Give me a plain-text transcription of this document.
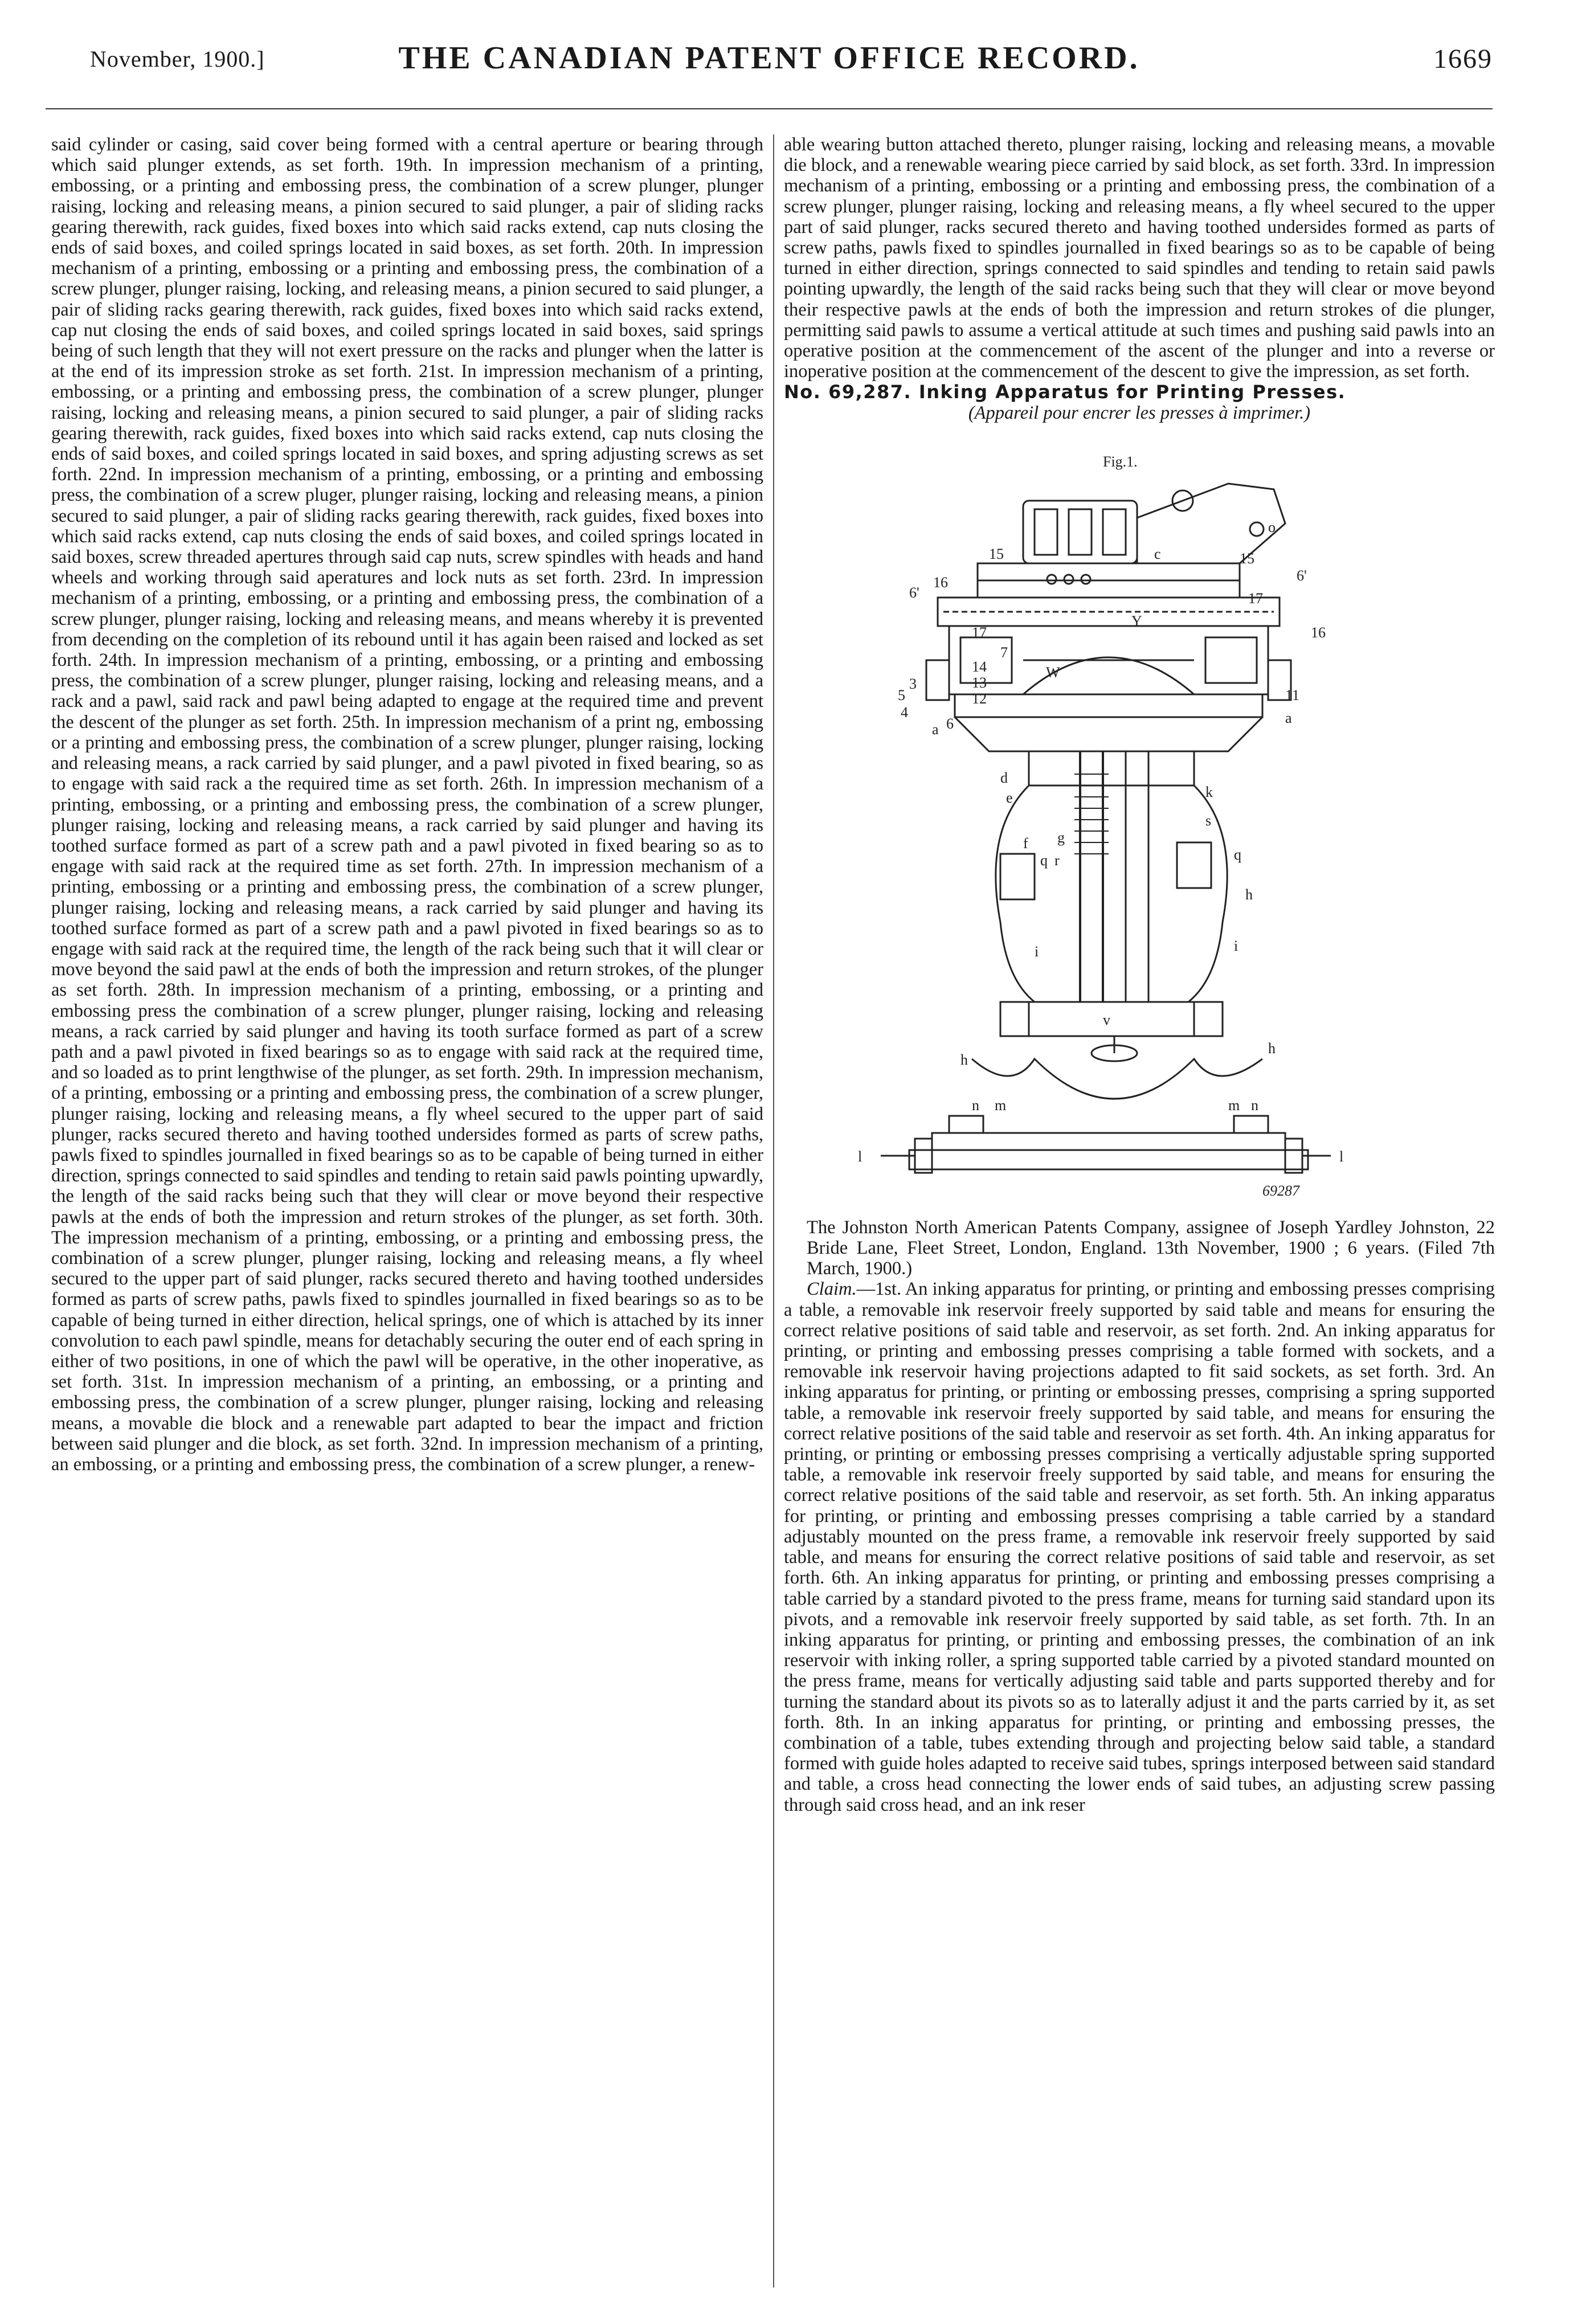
November, 1900.]	THE CANADIAN PATENT OFFICE RECORD.	1669

said cylinder or casing, said cover being formed with a central aperture or bearing through which said plunger extends, as set forth. 19th. In impression mechanism of a printing, embossing, or a printing and embossing press, the combination of a screw plunger, plunger raising, locking and releasing means, a pinion secured to said plunger, a pair of sliding racks gearing therewith, rack guides, fixed boxes into which said racks extend, cap nuts closing the ends of said boxes, and coiled springs located in said boxes, as set forth. 20th. In impression mechanism of a printing, embossing or a printing and embossing press, the combination of a screw plunger, plunger raising, locking, and releasing means, a pinion secured to said plunger, a pair of sliding racks gearing therewith, rack guides, fixed boxes into which said racks extend, cap nut closing the ends of said boxes, and coiled springs located in said boxes, said springs being of such length that they will not exert pressure on the racks and plunger when the latter is at the end of its impression stroke as set forth. 21st. In impression mechanism of a printing, embossing, or a printing and embossing press, the combination of a screw plunger, plunger raising, locking and releasing means, a pinion secured to said plunger, a pair of sliding racks gearing therewith, rack guides, fixed boxes into which said racks extend, cap nuts closing the ends of said boxes, and coiled springs located in said boxes, and spring adjusting screws as set forth. 22nd. In impression mechanism of a printing, embossing, or a printing and embossing press, the combination of a screw pluger, plunger raising, locking and releasing means, a pinion secured to said plunger, a pair of sliding racks gearing therewith, rack guides, fixed boxes into which said racks extend, cap nuts closing the ends of said boxes, and coiled springs located in said boxes, screw threaded apertures through said cap nuts, screw spindles with heads and hand wheels and working through said aperatures and lock nuts as set forth. 23rd. In impression mechanism of a printing, embossing, or a printing and embossing press, the combination of a screw plunger, plunger raising, locking and releasing means, and means whereby it is prevented from decending on the completion of its rebound until it has again been raised and locked as set forth. 24th. In impression mechanism of a printing, embossing, or a printing and embossing press, the combination of a screw plunger, plunger raising, locking and releasing means, and a rack and a pawl, said rack and pawl being adapted to engage at the required time and prevent the descent of the plunger as set forth. 25th. In impression mechanism of a print ng, embossing or a printing and embossing press, the combination of a screw plunger, plunger raising, locking and releasing means, a rack carried by said plunger, and a pawl pivoted in fixed bearing, so as to engage with said rack a the required time as set forth. 26th. In impression mechanism of a printing, embossing, or a printing and embossing press, the combination of a screw plunger, plunger raising, locking and releasing means, a rack carried by said plunger and having its toothed surface formed as part of a screw path and a pawl pivoted in fixed bearing so as to engage with said rack at the required time as set forth. 27th. In impression mechanism of a printing, embossing or a printing and embossing press, the combination of a screw plunger, plunger raising, locking and releasing means, a rack carried by said plunger and having its toothed surface formed as part of a screw path and a pawl pivoted in fixed bearings so as to engage with said rack at the required time, the length of the rack being such that it will clear or move beyond the said pawl at the ends of both the impression and return strokes, of the plunger as set forth. 28th. In impression mechanism of a printing, embossing, or a printing and embossing press the combination of a screw plunger, plunger raising, locking and releasing means, a rack carried by said plunger and having its tooth surface formed as part of a screw path and a pawl pivoted in fixed bearings so as to engage with said rack at the required time, and so loaded as to print lengthwise of the plunger, as set forth. 29th. In impression mechanism, of a printing, embossing or a printing and embossing press, the combination of a screw plunger, plunger raising, locking and releasing means, a fly wheel secured to the upper part of said plunger, racks secured thereto and having toothed undersides formed as parts of screw paths, pawls fixed to spindles journalled in fixed bearings so as to be capable of being turned in either direction, springs connected to said spindles and tending to retain said pawls pointing upwardly, the length of the said racks being such that they will clear or move beyond their respective pawls at the ends of both the impression and return strokes of the plunger, as set forth. 30th. The impression mechanism of a printing, embossing, or a printing and embossing press, the combination of a screw plunger, plunger raising, locking and releasing means, a fly wheel secured to the upper part of said plunger, racks secured thereto and having toothed undersides formed as parts of screw paths, pawls fixed to spindles journalled in fixed bearings so as to be capable of being turned in either direction, helical springs, one of which is attached by its inner convolution to each pawl spindle, means for detachably securing the outer end of each spring in either of two positions, in one of which the pawl will be operative, in the other inoperative, as set forth. 31st. In impression mechanism of a printing, an embossing, or a printing and embossing press, the combination of a screw plunger, plunger raising, locking and releasing means, a movable die block and a renewable part adapted to bear the impact and friction between said plunger and die block, as set forth. 32nd. In impression mechanism of a printing, an embossing, or a printing and embossing press, the combination of a screw plunger, a renew-

able wearing button attached thereto, plunger raising, locking and releasing means, a movable die block, and a renewable wearing piece carried by said block, as set forth. 33rd. In impression mechanism of a printing, embossing or a printing and embossing press, the combination of a screw plunger, plunger raising, locking and releasing means, a fly wheel secured to the upper part of said plunger, racks secured thereto and having toothed undersides formed as parts of screw paths, pawls fixed to spindles journalled in fixed bearings so as to be capable of being turned in either direction, springs connected to said spindles and tending to retain said pawls pointing upwardly, the length of the said racks being such that they will clear or move beyond their respective pawls at the ends of both the impression and return strokes of die plunger, permitting said pawls to assume a vertical attitude at such times and pushing said pawls into an operative position at the commencement of the ascent of the plunger and into a reverse or inoperative position at the commencement of the descent to give the impression, as set forth.

No. 69,287. Inking Apparatus for Printing Presses.

(Appareil pour encrer les presses à imprimer.)

Fig.1.
6'
16
15	c	15
6'
17
17
7
Y
14
13
12
W
16
5
3
4
11
6
a
a
d
e	k
s
f
q r
g
q
h
i	i
v
h
h
n m
l
m n
l
o
69287

The Johnston North American Patents Company, assignee of Joseph Yardley Johnston, 22 Bride Lane, Fleet Street, London, England. 13th November, 1900 ; 6 years. (Filed 7th March, 1900.)

Claim.—1st. An inking apparatus for printing, or printing and embossing presses comprising a table, a removable ink reservoir freely supported by said table and means for ensuring the correct relative positions of said table and reservoir, as set forth. 2nd. An inking apparatus for printing, or printing and embossing presses comprising a table formed with sockets, and a removable ink reservoir having projections adapted to fit said sockets, as set forth. 3rd. An inking apparatus for printing, or printing or embossing presses, comprising a spring supported table, a removable ink reservoir freely supported by said table, and means for ensuring the correct relative positions of the said table and reservoir as set forth. 4th. An inking apparatus for printing, or printing or embossing presses comprising a vertically adjustable spring supported table, a removable ink reservoir freely supported by said table, and means for ensuring the correct relative positions of the said table and reservoir, as set forth. 5th. An inking apparatus for printing, or printing and embossing presses comprising a table carried by a standard adjustably mounted on the press frame, a removable ink reservoir freely supported by said table, and means for ensuring the correct relative positions of said table and reservoir, as set forth. 6th. An inking apparatus for printing, or printing and embossing presses comprising a table carried by a standard pivoted to the press frame, means for turning said standard upon its pivots, and a removable ink reservoir freely supported by said table, as set forth. 7th. In an inking apparatus for printing, or printing and embossing presses, the combination of an ink reservoir with inking roller, a spring supported table carried by a pivoted standard mounted on the press frame, means for vertically adjusting said table and parts supported thereby and for turning the standard about its pivots so as to laterally adjust it and the parts carried by it, as set forth. 8th. In an inking apparatus for printing, or printing and embossing presses, the combination of a table, tubes extending through and projecting below said table, a standard formed with guide holes adapted to receive said tubes, springs interposed between said standard and table, a cross head connecting the lower ends of said tubes, an adjusting screw passing through said cross head, and an ink reser
